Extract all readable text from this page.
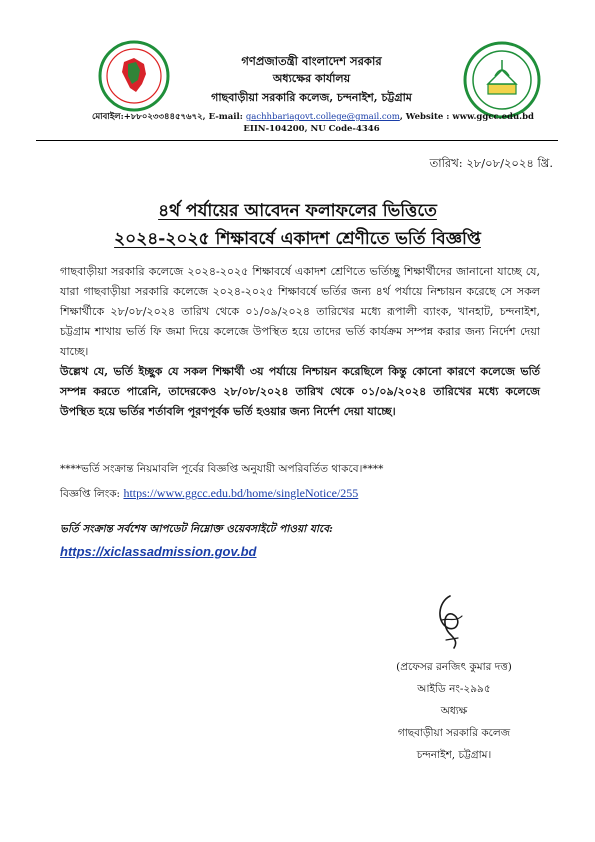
গণপ্রজাতন্ত্রী বাংলাদেশ সরকার
অধ্যক্ষের কার্যালয়
গাছবাড়ীয়া সরকারি কলেজ, চন্দনাইশ, চট্টগ্রাম
মোবাইল:+৮৮০২৩৩৪৪৫৭৬৭২, E-mail: gachhbariagovt.college@gmail.com, Website : www.ggcc.edu.bd
EIIN-104200, NU Code-4346
তারিখ: ২৮/০৮/২০২৪ খ্রি.
৪র্থ পর্যায়ের আবেদন ফলাফলের ভিত্তিতে
২০২৪-২০২৫ শিক্ষাবর্ষে একাদশ শ্রেণীতে ভর্তি বিজ্ঞপ্তি
গাছবাড়ীয়া সরকারি কলেজে ২০২৪-২০২৫ শিক্ষাবর্ষে একাদশ শ্রেণিতে ভর্তিচ্ছু শিক্ষার্থীদের জানানো যাচ্ছে যে, যারা গাছবাড়ীয়া সরকারি কলেজে ২০২৪-২০২৫ শিক্ষাবর্ষে ভর্তির জন্য ৪র্থ পর্যায়ে নিশ্চায়ন করেছে সে সকল শিক্ষার্থীকে ২৮/০৮/২০২৪ তারিখ থেকে ০১/০৯/২০২৪ তারিখের মধ্যে রূপালী ব্যাংক, খানহাট, চন্দনাইশ, চট্টগ্রাম শাখায় ভর্তি ফি জমা দিয়ে কলেজে উপস্থিত হয়ে তাদের ভর্তি কার্যক্রম সম্পন্ন করার জন্য নির্দেশ দেয়া যাচ্ছে।
উল্লেখ যে, ভর্তি ইচ্ছুক যে সকল শিক্ষার্থী ৩য় পর্যায়ে নিশ্চায়ন করেছিলে কিন্তু কোনো কারণে কলেজে ভর্তি সম্পন্ন করতে পারেনি, তাদেরকেও ২৮/০৮/২০২৪ তারিখ থেকে ০১/০৯/২০২৪ তারিখের মধ্যে কলেজে উপস্থিত হয়ে ভর্তির শর্তাবলি পূরণপূর্বক ভর্তি হওয়ার জন্য নির্দেশ দেয়া যাচ্ছে।
****ভর্তি সংক্রান্ত নিয়মাবলি পূর্বের বিজ্ঞপ্তি অনুযায়ী অপরিবর্তিত থাকবে।****
বিজ্ঞপ্তি লিংক: https://www.ggcc.edu.bd/home/singleNotice/255
ভর্তি সংক্রান্ত সর্বশেষ আপডেট নিম্নোক্ত ওয়েবসাইটে পাওয়া যাবে:
https://xiclassadmission.gov.bd
(প্রফেসর রনজিৎ কুমার দত্ত)
আইডি নং-২৯৯৫
অধ্যক্ষ
গাছবাড়ীয়া সরকারি কলেজ
চন্দনাইশ, চট্টগ্রাম।
